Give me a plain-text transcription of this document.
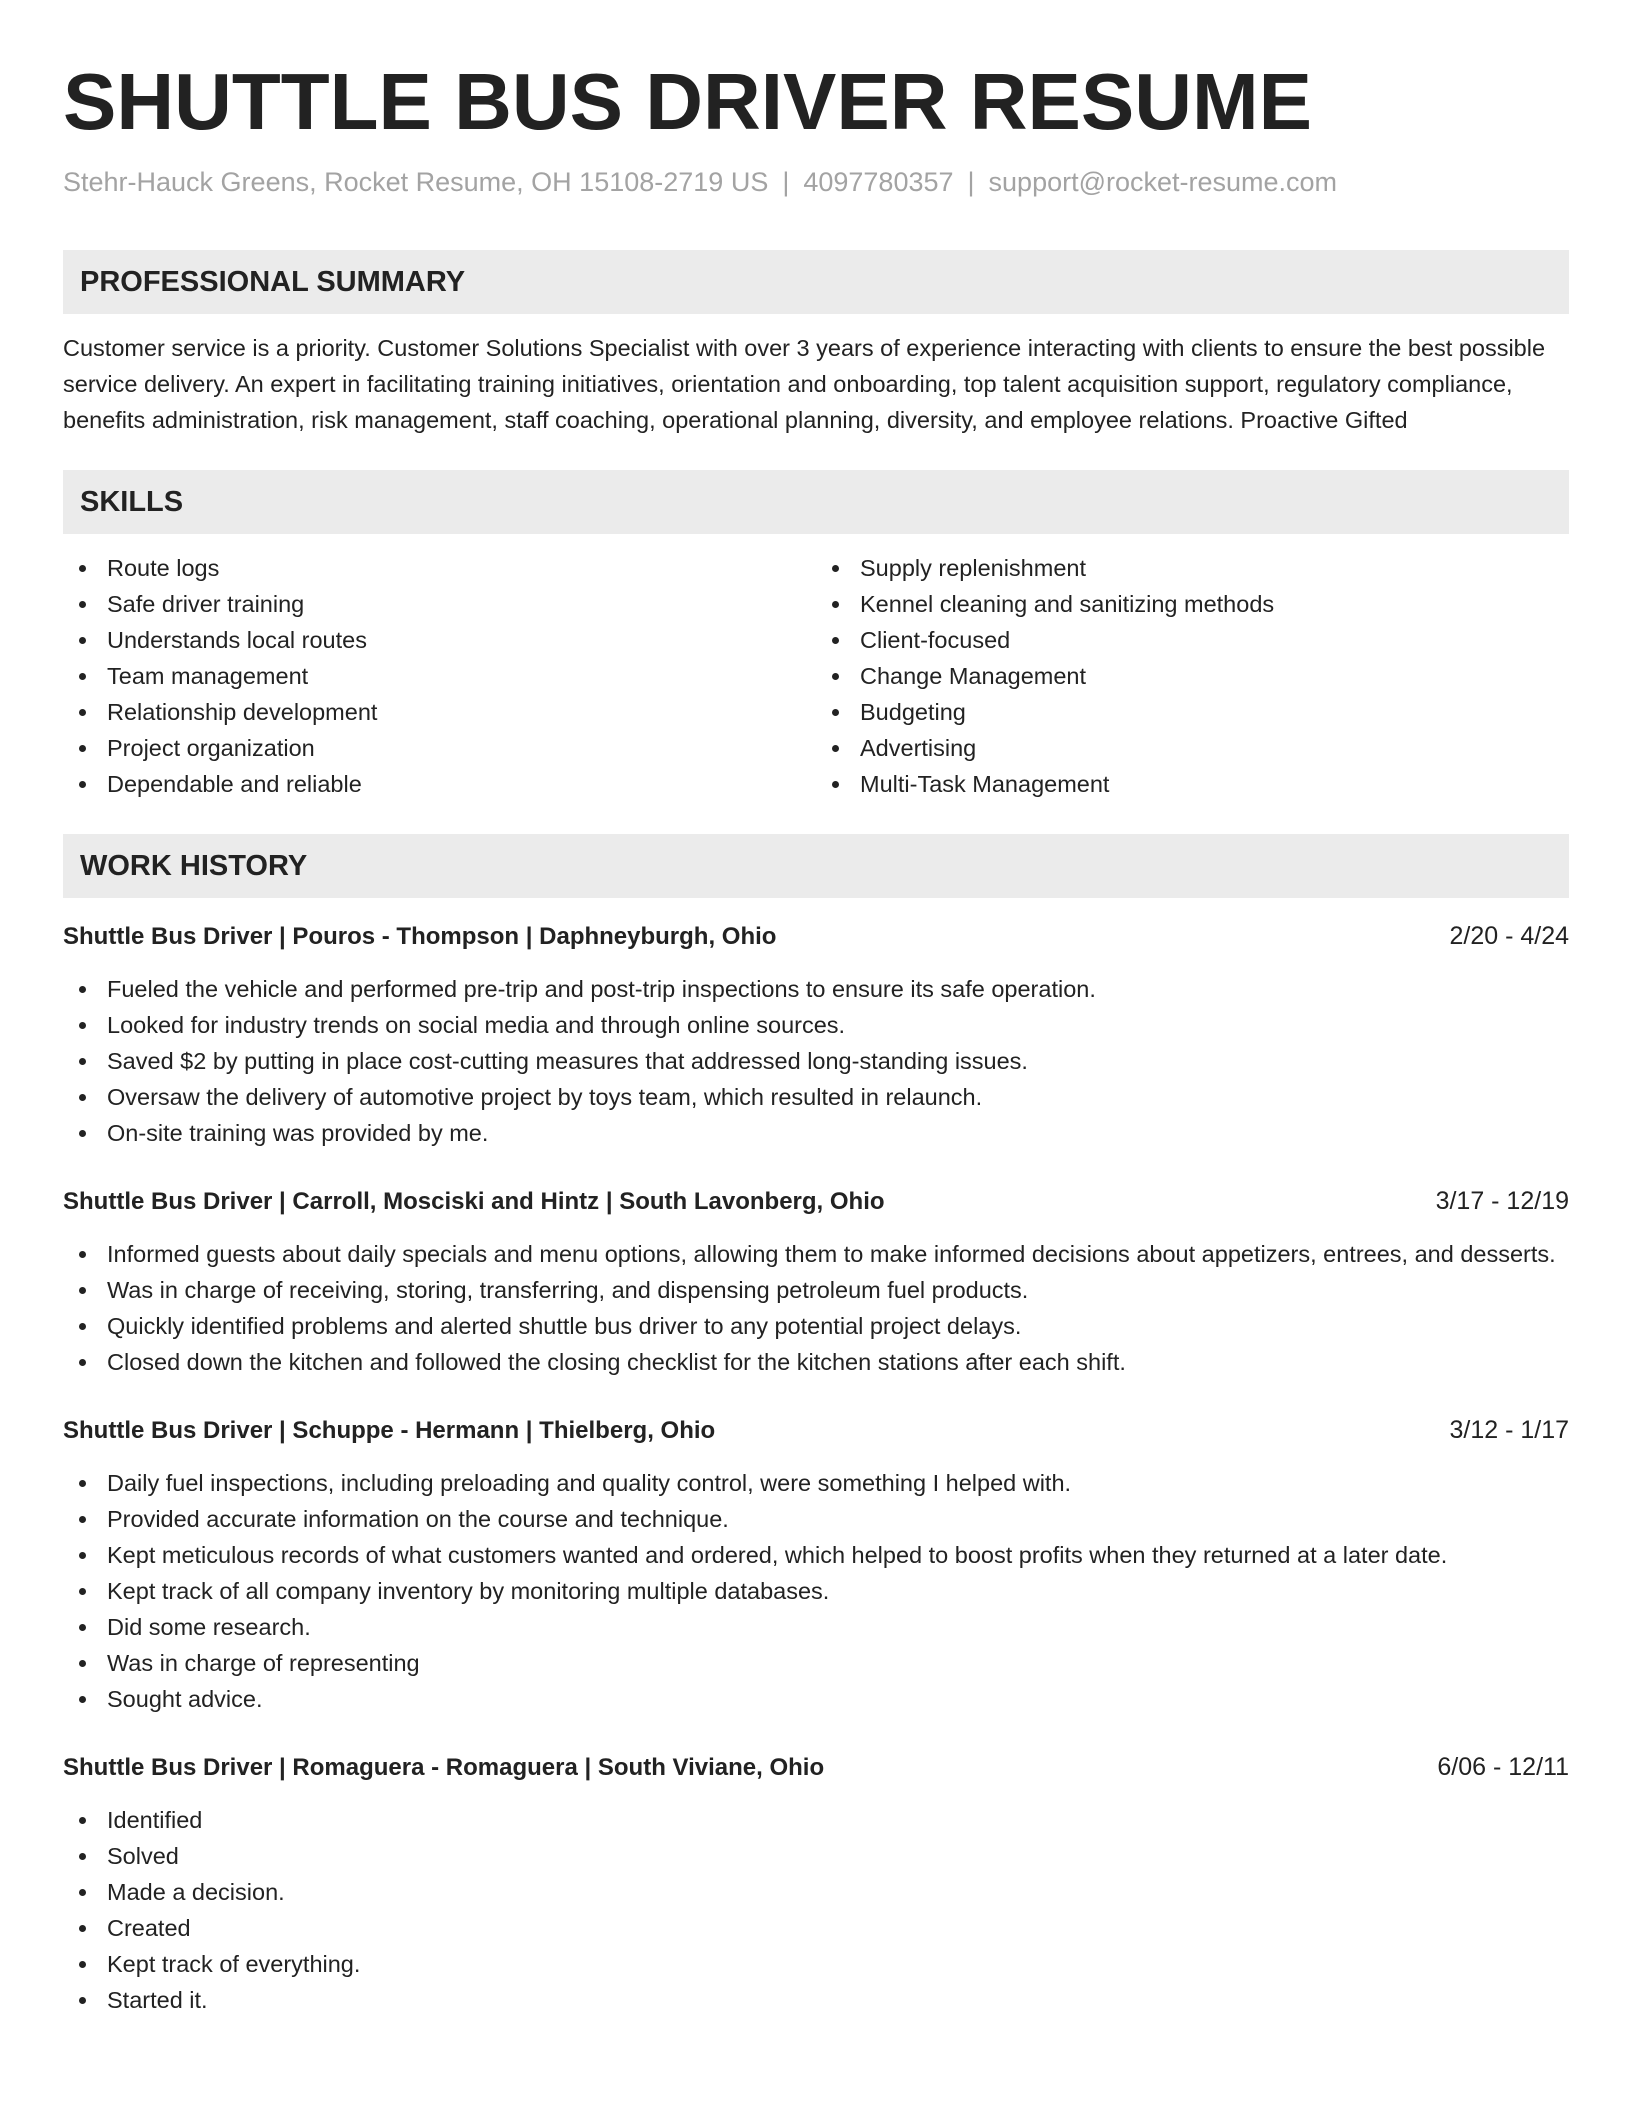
SHUTTLE BUS DRIVER RESUME
Stehr-Hauck Greens, Rocket Resume, OH 15108-2719 US | 4097780357 | support@rocket-resume.com
PROFESSIONAL SUMMARY
Customer service is a priority. Customer Solutions Specialist with over 3 years of experience interacting with clients to ensure the best possible service delivery. An expert in facilitating training initiatives, orientation and onboarding, top talent acquisition support, regulatory compliance, benefits administration, risk management, staff coaching, operational planning, diversity, and employee relations. Proactive Gifted
SKILLS
Route logs
Safe driver training
Understands local routes
Team management
Relationship development
Project organization
Dependable and reliable
Supply replenishment
Kennel cleaning and sanitizing methods
Client-focused
Change Management
Budgeting
Advertising
Multi-Task Management
WORK HISTORY
Shuttle Bus Driver | Pouros - Thompson | Daphneyburgh, Ohio	2/20 - 4/24
Fueled the vehicle and performed pre-trip and post-trip inspections to ensure its safe operation.
Looked for industry trends on social media and through online sources.
Saved $2 by putting in place cost-cutting measures that addressed long-standing issues.
Oversaw the delivery of automotive project by toys team, which resulted in relaunch.
On-site training was provided by me.
Shuttle Bus Driver | Carroll, Mosciski and Hintz | South Lavonberg, Ohio	3/17 - 12/19
Informed guests about daily specials and menu options, allowing them to make informed decisions about appetizers, entrees, and desserts.
Was in charge of receiving, storing, transferring, and dispensing petroleum fuel products.
Quickly identified problems and alerted shuttle bus driver to any potential project delays.
Closed down the kitchen and followed the closing checklist for the kitchen stations after each shift.
Shuttle Bus Driver | Schuppe - Hermann | Thielberg, Ohio	3/12 - 1/17
Daily fuel inspections, including preloading and quality control, were something I helped with.
Provided accurate information on the course and technique.
Kept meticulous records of what customers wanted and ordered, which helped to boost profits when they returned at a later date.
Kept track of all company inventory by monitoring multiple databases.
Did some research.
Was in charge of representing
Sought advice.
Shuttle Bus Driver | Romaguera - Romaguera | South Viviane, Ohio	6/06 - 12/11
Identified
Solved
Made a decision.
Created
Kept track of everything.
Started it.
